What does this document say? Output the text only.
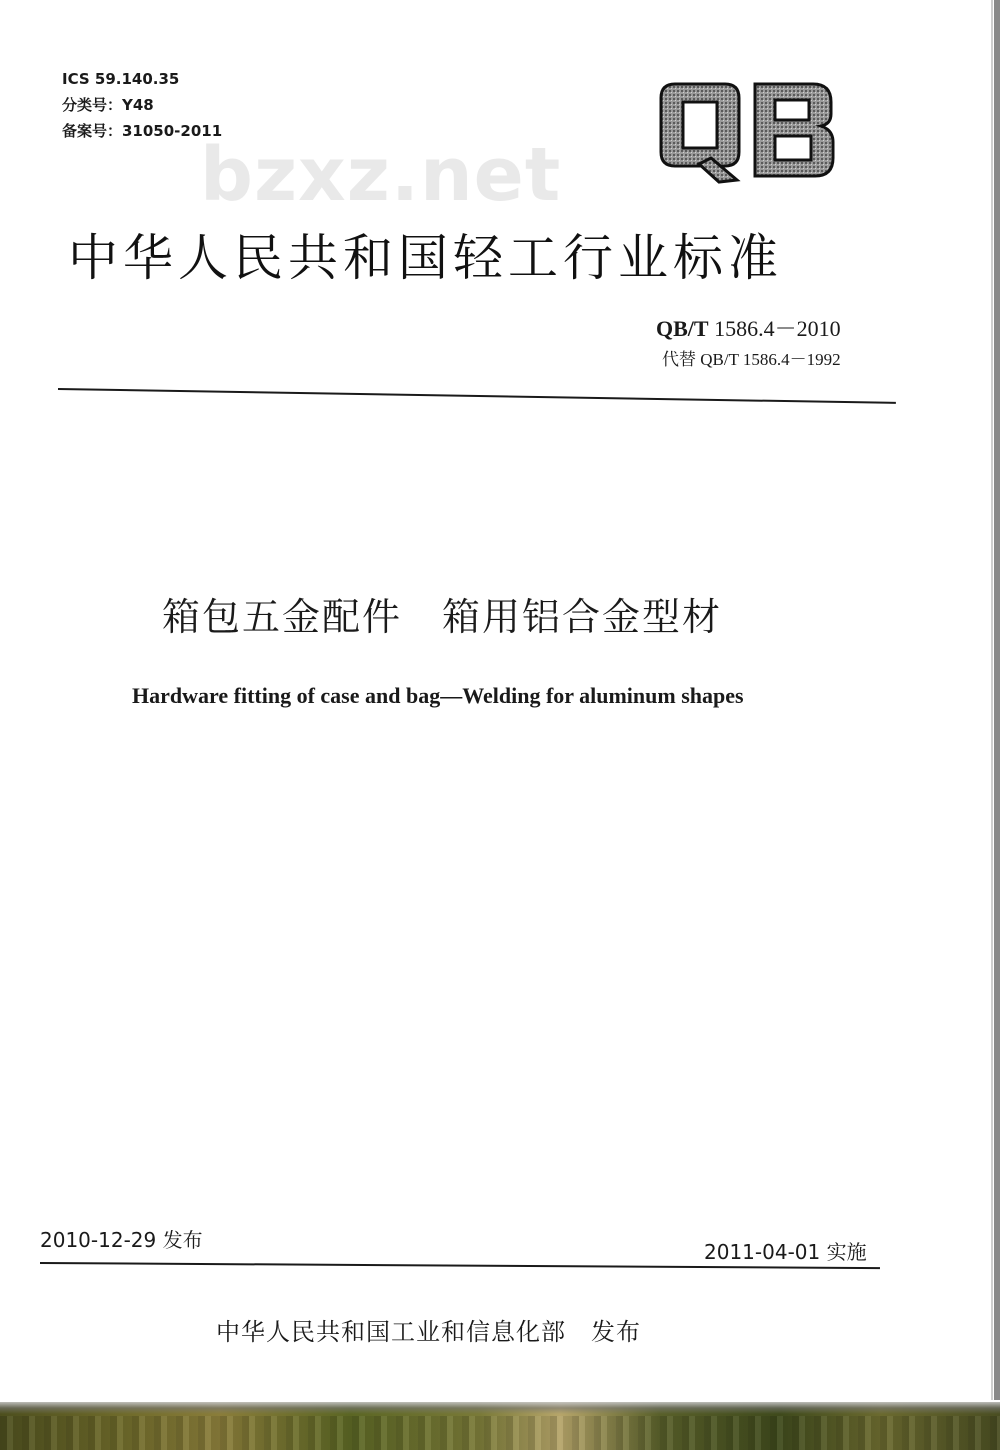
ICS 59.140.35
分类号：Y48
备案号：31050-2011
bzxz.net
中华人民共和国轻工行业标准
QB/T 1586.4－2010
代替 QB/T 1586.4－1992
箱包五金配件　箱用铝合金型材
Hardware fitting of case and bag—Welding for aluminum shapes
2010-12-29 发布	2011-04-01 实施
中华人民共和国工业和信息化部　发布
